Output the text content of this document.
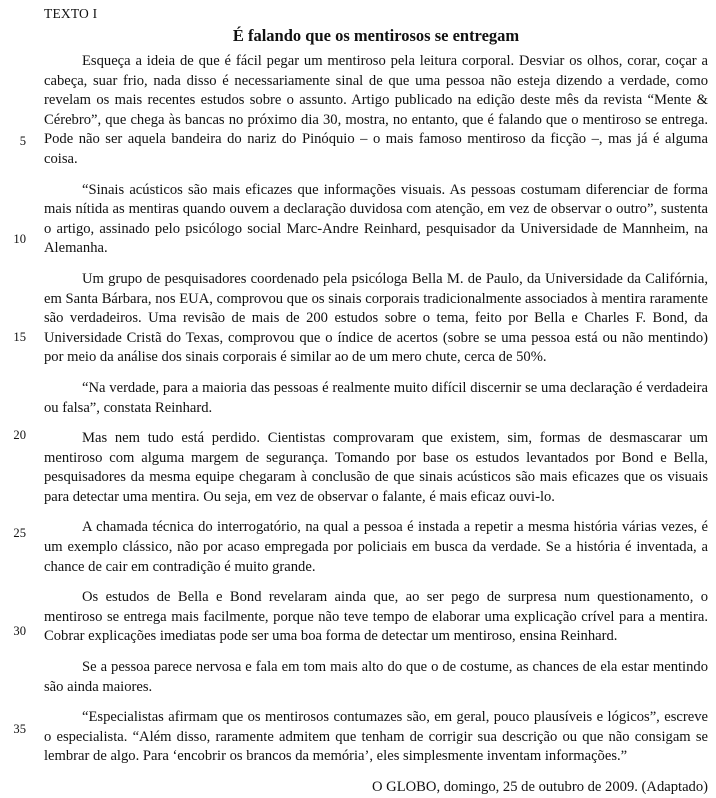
TEXTO I
É falando que os mentirosos se entregam
5
10
15
20
25
30
35

Esqueça a ideia de que é fácil pegar um mentiroso pela leitura corporal. Desviar os olhos, corar, coçar a cabeça, suar frio, nada disso é necessariamente sinal de que uma pessoa não esteja dizendo a verdade, como revelam os mais recentes estudos sobre o assunto. Artigo publicado na edição deste mês da revista “Mente & Cérebro”, que chega às bancas no próximo dia 30, mostra, no entanto, que é falando que o mentiroso se entrega. Pode não ser aquela bandeira do nariz do Pinóquio – o mais famoso mentiroso da ficção –, mas já é alguma coisa.

“Sinais acústicos são mais eficazes que informações visuais. As pessoas costumam diferenciar de forma mais nítida as mentiras quando ouvem a declaração duvidosa com atenção, em vez de observar o outro”, sustenta o artigo, assinado pelo psicólogo social Marc-Andre Reinhard, pesquisador da Universidade de Mannheim, na Alemanha.

Um grupo de pesquisadores coordenado pela psicóloga Bella M. de Paulo, da Universidade da Califórnia, em Santa Bárbara, nos EUA, comprovou que os sinais corporais tradicionalmente associados à mentira raramente são verdadeiros. Uma revisão de mais de 200 estudos sobre o tema, feito por Bella e Charles F. Bond, da Universidade Cristã do Texas, comprovou que o índice de acertos (sobre se uma pessoa está ou não mentindo) por meio da análise dos sinais corporais é similar ao de um mero chute, cerca de 50%.

“Na verdade, para a maioria das pessoas é realmente muito difícil discernir se uma declaração é verdadeira ou falsa”, constata Reinhard.

Mas nem tudo está perdido. Cientistas comprovaram que existem, sim, formas de desmascarar um mentiroso com alguma margem de segurança. Tomando por base os estudos levantados por Bond e Bella, pesquisadores da mesma equipe chegaram à conclusão de que sinais acústicos são mais eficazes que os visuais para detectar uma mentira. Ou seja, em vez de observar o falante, é mais eficaz ouvi-lo.

A chamada técnica do interrogatório, na qual a pessoa é instada a repetir a mesma história várias vezes, é um exemplo clássico, não por acaso empregada por policiais em busca da verdade. Se a história é inventada, a chance de cair em contradição é muito grande.

Os estudos de Bella e Bond revelaram ainda que, ao ser pego de surpresa num questionamento, o mentiroso se entrega mais facilmente, porque não teve tempo de elaborar uma explicação crível para a mentira. Cobrar explicações imediatas pode ser uma boa forma de detectar um mentiroso, ensina Reinhard.

Se a pessoa parece nervosa e fala em tom mais alto do que o de costume, as chances de ela estar mentindo são ainda maiores.

“Especialistas afirmam que os mentirosos contumazes são, em geral, pouco plausíveis e lógicos”, escreve o especialista. “Além disso, raramente admitem que tenham de corrigir sua descrição ou que não consigam se lembrar de algo. Para ‘encobrir os brancos da memória’, eles simplesmente inventam informações.”

O GLOBO, domingo, 25 de outubro de 2009. (Adaptado)
